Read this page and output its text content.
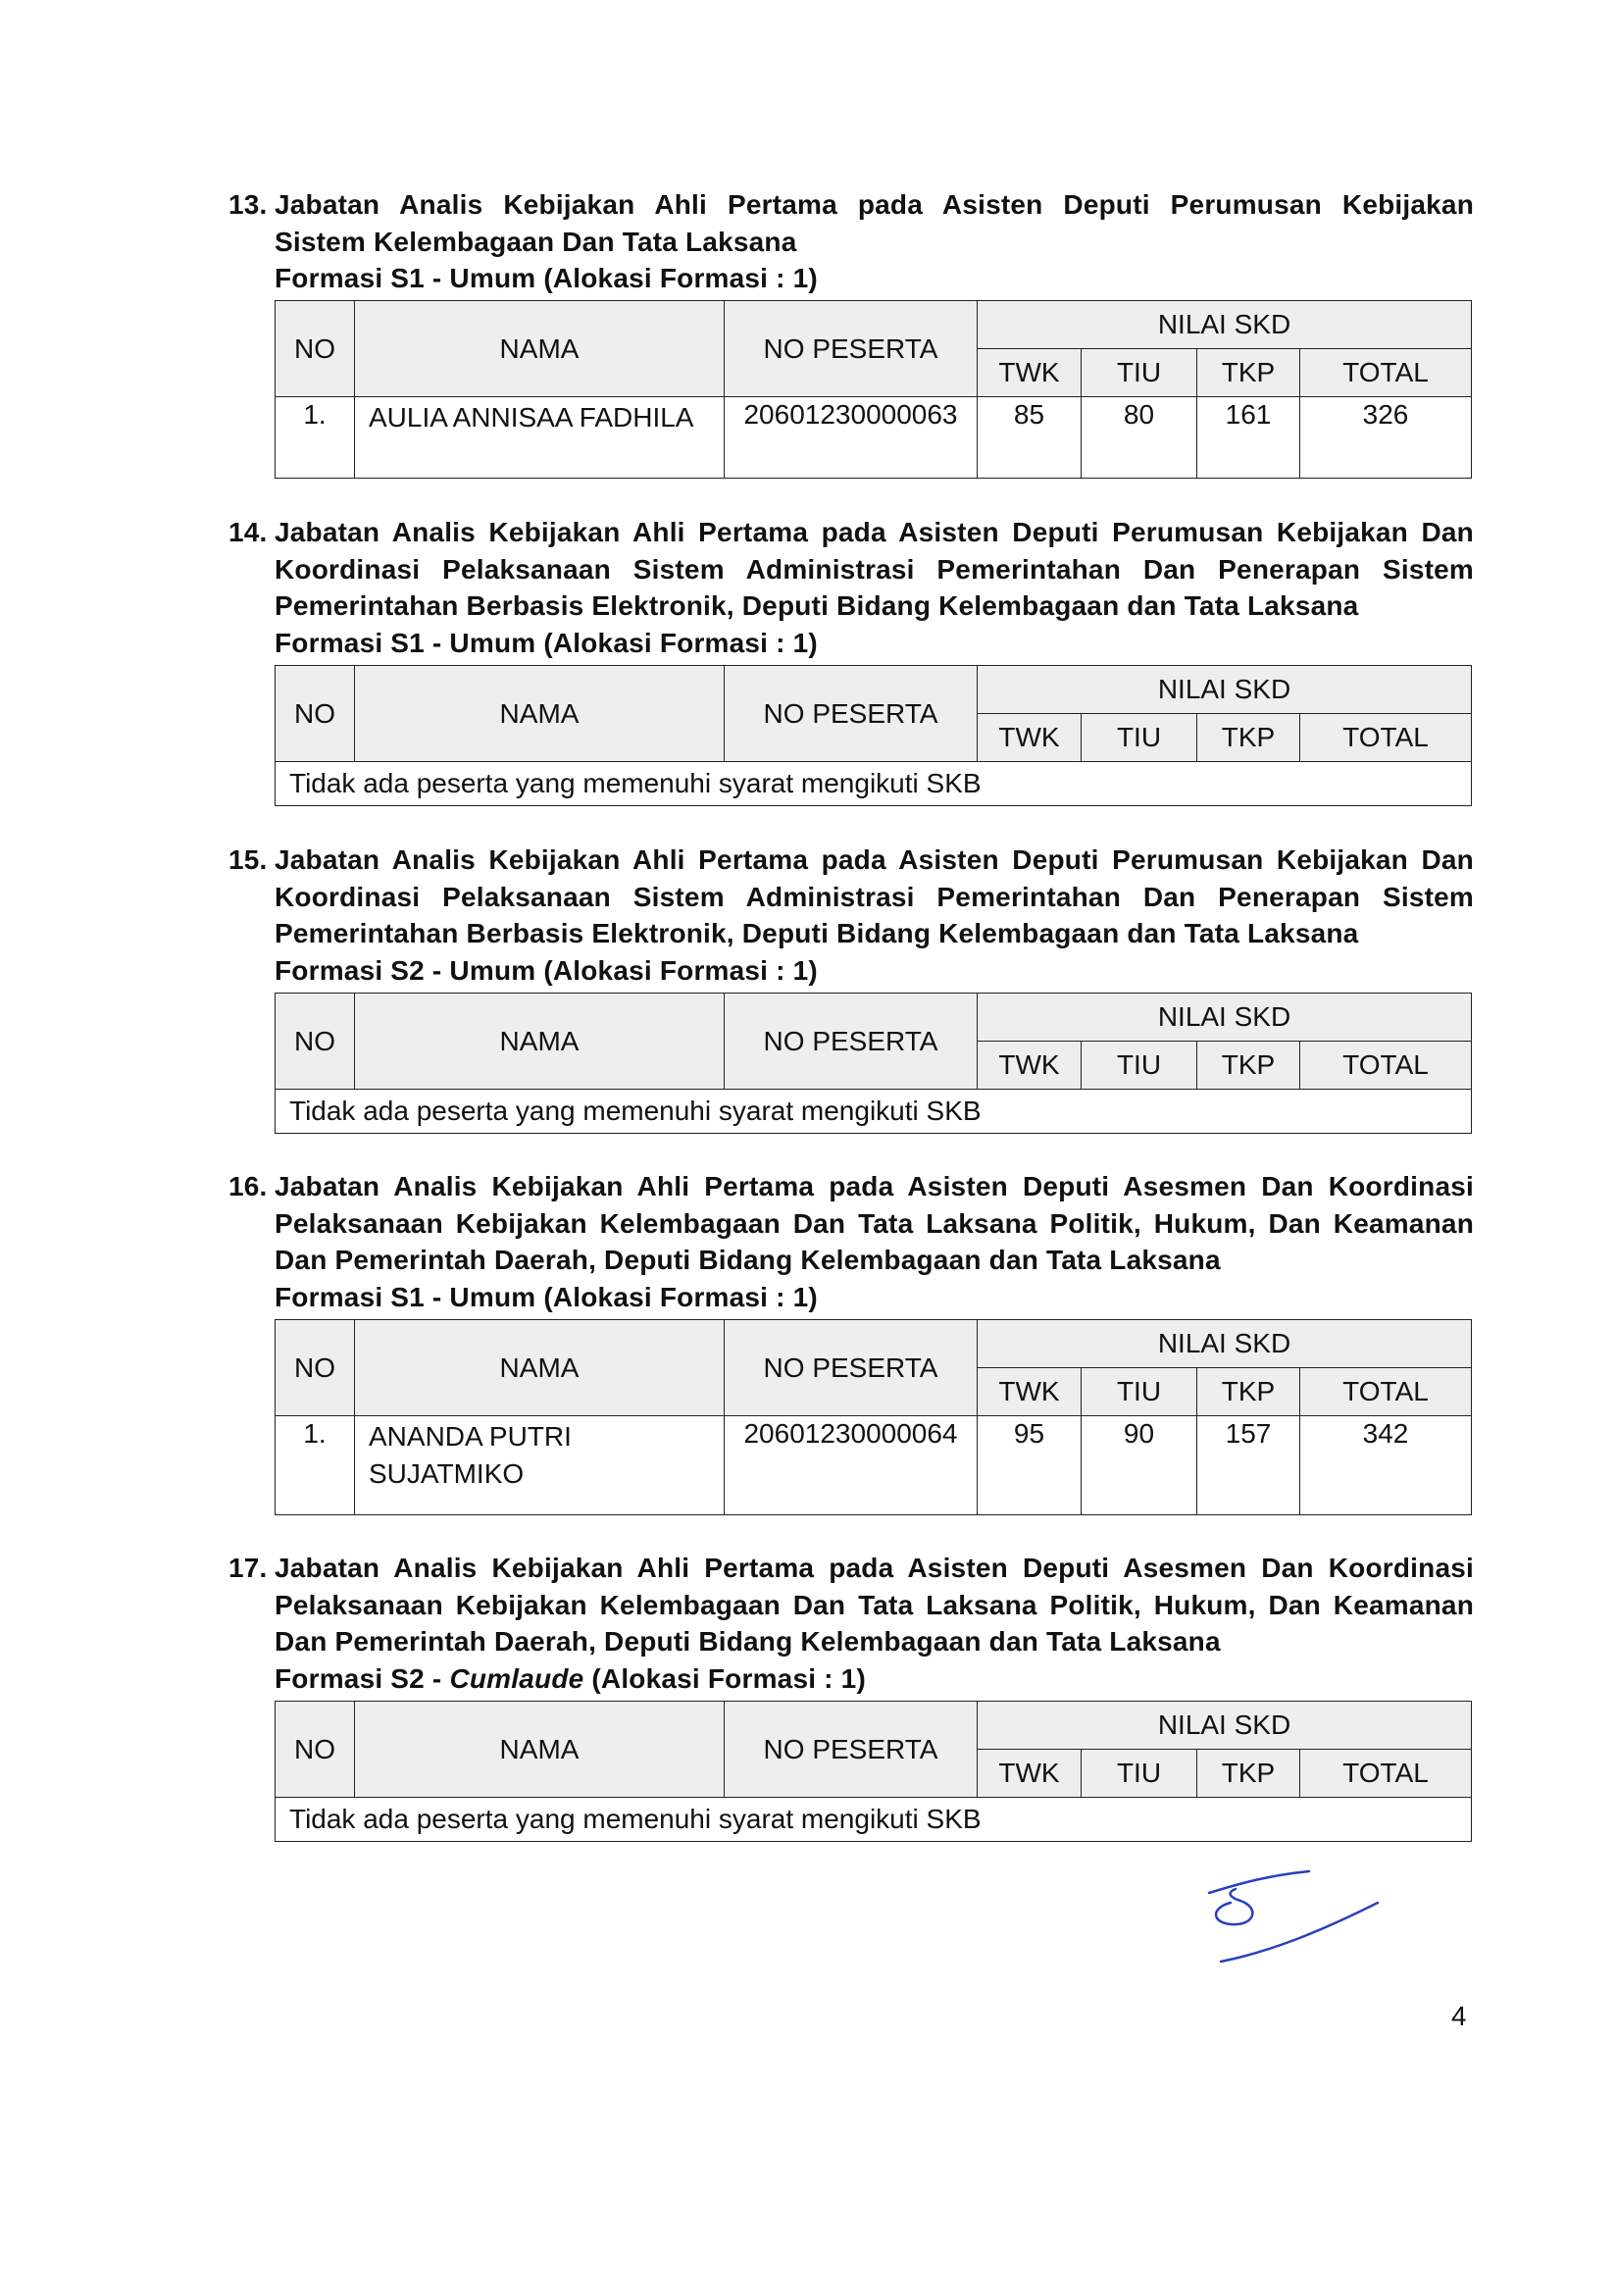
13. Jabatan Analis Kebijakan Ahli Pertama pada Asisten Deputi Perumusan Kebijakan
Sistem Kelembagaan Dan Tata Laksana
Formasi S1 - Umum (Alokasi Formasi : 1)
NO	NAMA	NO PESERTA	NILAI SKD			
			TWK	TIU	TKP	TOTAL
1.	AULIA ANNISAA FADHILA	20601230000063	85	80	161	326
14. Jabatan Analis Kebijakan Ahli Pertama pada Asisten Deputi Perumusan Kebijakan Dan
Koordinasi Pelaksanaan Sistem Administrasi Pemerintahan Dan Penerapan Sistem
Pemerintahan Berbasis Elektronik, Deputi Bidang Kelembagaan dan Tata Laksana
Formasi S1 - Umum (Alokasi Formasi : 1)
NO	NAMA	NO PESERTA	NILAI SKD			
			TWK	TIU	TKP	TOTAL
Tidak ada peserta yang memenuhi syarat mengikuti SKB						
15. Jabatan Analis Kebijakan Ahli Pertama pada Asisten Deputi Perumusan Kebijakan Dan
Koordinasi Pelaksanaan Sistem Administrasi Pemerintahan Dan Penerapan Sistem
Pemerintahan Berbasis Elektronik, Deputi Bidang Kelembagaan dan Tata Laksana
Formasi S2 - Umum (Alokasi Formasi : 1)
NO	NAMA	NO PESERTA	NILAI SKD			
			TWK	TIU	TKP	TOTAL
Tidak ada peserta yang memenuhi syarat mengikuti SKB						
16. Jabatan Analis Kebijakan Ahli Pertama pada Asisten Deputi Asesmen Dan Koordinasi
Pelaksanaan Kebijakan Kelembagaan Dan Tata Laksana Politik, Hukum, Dan Keamanan
Dan Pemerintah Daerah, Deputi Bidang Kelembagaan dan Tata Laksana
Formasi S1 - Umum (Alokasi Formasi : 1)
NO	NAMA	NO PESERTA	NILAI SKD			
			TWK	TIU	TKP	TOTAL
1.	ANANDA PUTRI
SUJATMIKO	20601230000064	95	90	157	342
17. Jabatan Analis Kebijakan Ahli Pertama pada Asisten Deputi Asesmen Dan Koordinasi
Pelaksanaan Kebijakan Kelembagaan Dan Tata Laksana Politik, Hukum, Dan Keamanan
Dan Pemerintah Daerah, Deputi Bidang Kelembagaan dan Tata Laksana
Formasi S2 - Cumlaude (Alokasi Formasi : 1)
NO	NAMA	NO PESERTA	NILAI SKD			
			TWK	TIU	TKP	TOTAL
Tidak ada peserta yang memenuhi syarat mengikuti SKB						
4
